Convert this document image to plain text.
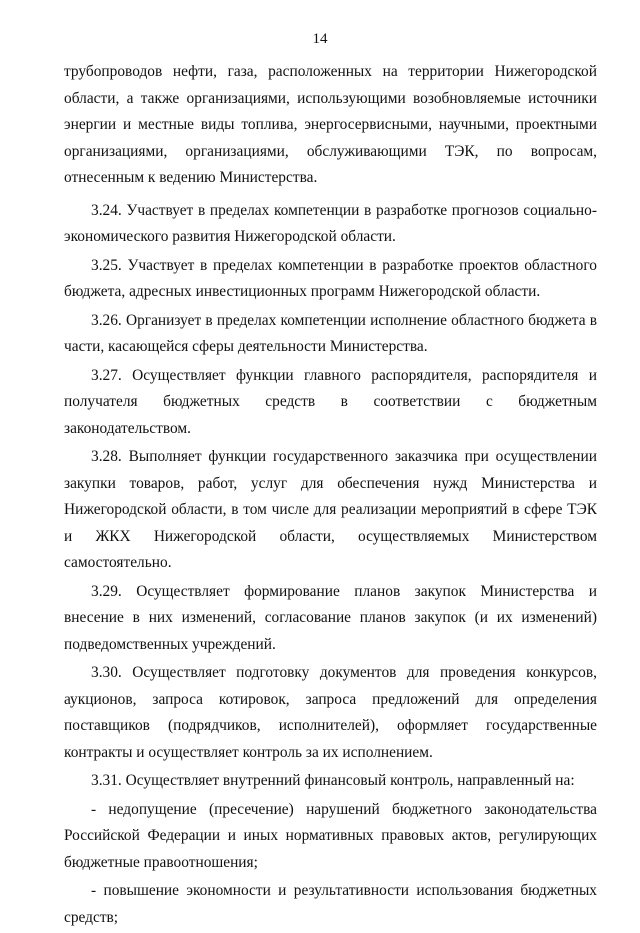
14

трубопроводов нефти, газа, расположенных на территории Нижегородской области, а также организациями, использующими возобновляемые источники энергии и местные виды топлива, энергосервисными, научными, проектными организациями, организациями, обслуживающими ТЭК, по вопросам, отнесенным к ведению Министерства.

3.24. Участвует в пределах компетенции в разработке прогнозов социально-экономического развития Нижегородской области.

3.25. Участвует в пределах компетенции в разработке проектов областного бюджета, адресных инвестиционных программ Нижегородской области.

3.26. Организует в пределах компетенции исполнение областного бюджета в части, касающейся сферы деятельности Министерства.

3.27. Осуществляет функции главного распорядителя, распорядителя и получателя бюджетных средств в соответствии с бюджетным законодательством.

3.28. Выполняет функции государственного заказчика при осуществлении закупки товаров, работ, услуг для обеспечения нужд Министерства и Нижегородской области, в том числе для реализации мероприятий в сфере ТЭК и ЖКХ Нижегородской области, осуществляемых Министерством самостоятельно.

3.29. Осуществляет формирование планов закупок Министерства и внесение в них изменений, согласование планов закупок (и их изменений) подведомственных учреждений.

3.30. Осуществляет подготовку документов для проведения конкурсов, аукционов, запроса котировок, запроса предложений для определения поставщиков (подрядчиков, исполнителей), оформляет государственные контракты и осуществляет контроль за их исполнением.

3.31. Осуществляет внутренний финансовый контроль, направленный на:

- недопущение (пресечение) нарушений бюджетного законодательства Российской Федерации и иных нормативных правовых актов, регулирующих бюджетные правоотношения;

- повышение экономности и результативности использования бюджетных средств;
